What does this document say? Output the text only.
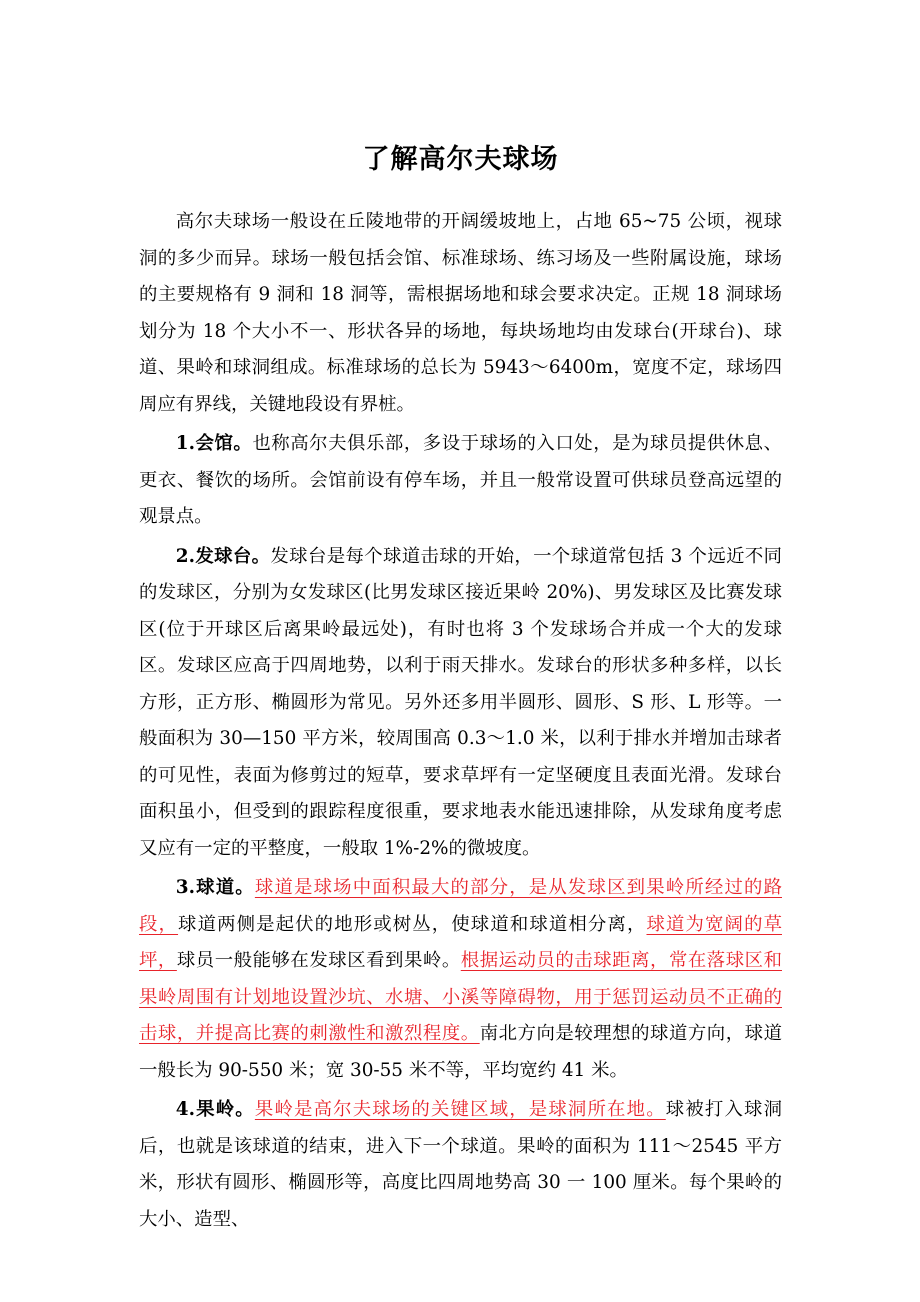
了解高尔夫球场

高尔夫球场一般设在丘陵地带的开阔缓坡地上，占地 65~75 公顷，视球洞的多少而异。球场一般包括会馆、标准球场、练习场及一些附属设施，球场的主要规格有 9 洞和 18 洞等，需根据场地和球会要求决定。正规 18 洞球场划分为 18 个大小不一、形状各异的场地，每块场地均由发球台(开球台)、球道、果岭和球洞组成。标准球场的总长为 5943～6400m，宽度不定，球场四周应有界线，关键地段设有界桩。

1.会馆。也称高尔夫俱乐部，多设于球场的入口处，是为球员提供休息、更衣、餐饮的场所。会馆前设有停车场，并且一般常设置可供球员登高远望的观景点。

2.发球台。发球台是每个球道击球的开始，一个球道常包括 3 个远近不同的发球区，分别为女发球区(比男发球区接近果岭 20%)、男发球区及比赛发球区(位于开球区后离果岭最远处)，有时也将 3 个发球场合并成一个大的发球区。发球区应高于四周地势，以利于雨天排水。发球台的形状多种多样，以长方形，正方形、椭圆形为常见。另外还多用半圆形、圆形、S 形、L 形等。一般面积为 30—150 平方米，较周围高 0.3～1.0 米，以利于排水并增加击球者的可见性，表面为修剪过的短草，要求草坪有一定坚硬度且表面光滑。发球台面积虽小，但受到的跟踪程度很重，要求地表水能迅速排除，从发球角度考虑又应有一定的平整度，一般取 1%-2%的微坡度。

3.球道。球道是球场中面积最大的部分，是从发球区到果岭所经过的路段，球道两侧是起伏的地形或树丛，使球道和球道相分离，球道为宽阔的草坪，球员一般能够在发球区看到果岭。根据运动员的击球距离，常在落球区和果岭周围有计划地设置沙坑、水塘、小溪等障碍物，用于惩罚运动员不正确的击球，并提高比赛的刺激性和激烈程度。南北方向是较理想的球道方向，球道一般长为 90-550 米；宽 30-55 米不等，平均宽约 41 米。

4.果岭。果岭是高尔夫球场的关键区域，是球洞所在地。球被打入球洞后，也就是该球道的结束，进入下一个球道。果岭的面积为 111～2545 平方米，形状有圆形、椭圆形等，高度比四周地势高 30 一 100 厘米。每个果岭的大小、造型、
